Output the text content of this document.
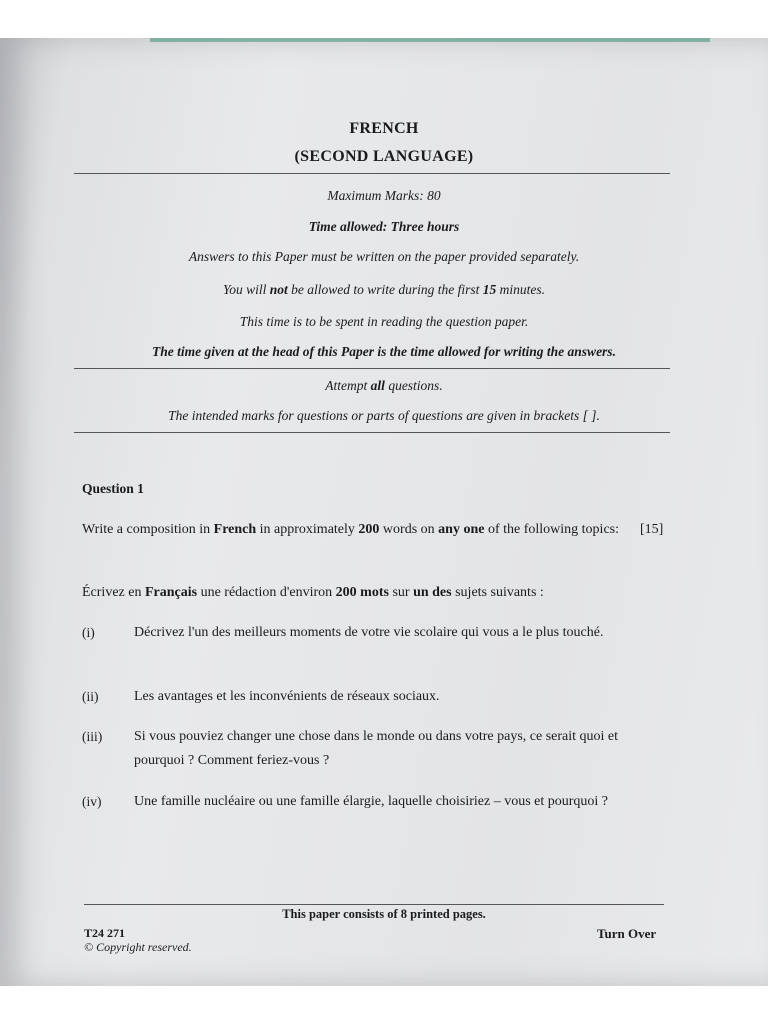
FRENCH
(SECOND LANGUAGE)
Maximum Marks: 80
Time allowed: Three hours
Answers to this Paper must be written on the paper provided separately.
You will not be allowed to write during the first 15 minutes.
This time is to be spent in reading the question paper.
The time given at the head of this Paper is the time allowed for writing the answers.
Attempt all questions.
The intended marks for questions or parts of questions are given in brackets [ ].
Question 1
Write a composition in French in approximately 200 words on any one of the following topics:	[15]
Écrivez en Français une rédaction d'environ 200 mots sur un des sujets suivants :
(i)	Décrivez l'un des meilleurs moments de votre vie scolaire qui vous a le plus touché.
(ii)	Les avantages et les inconvénients de réseaux sociaux.
(iii) Si vous pouviez changer une chose dans le monde ou dans votre pays, ce serait quoi et pourquoi ? Comment feriez-vous ?
(iv) Une famille nucléaire ou une famille élargie, laquelle choisiriez – vous et pourquoi ?
This paper consists of 8 printed pages.
T24 271
© Copyright reserved.
Turn Over
